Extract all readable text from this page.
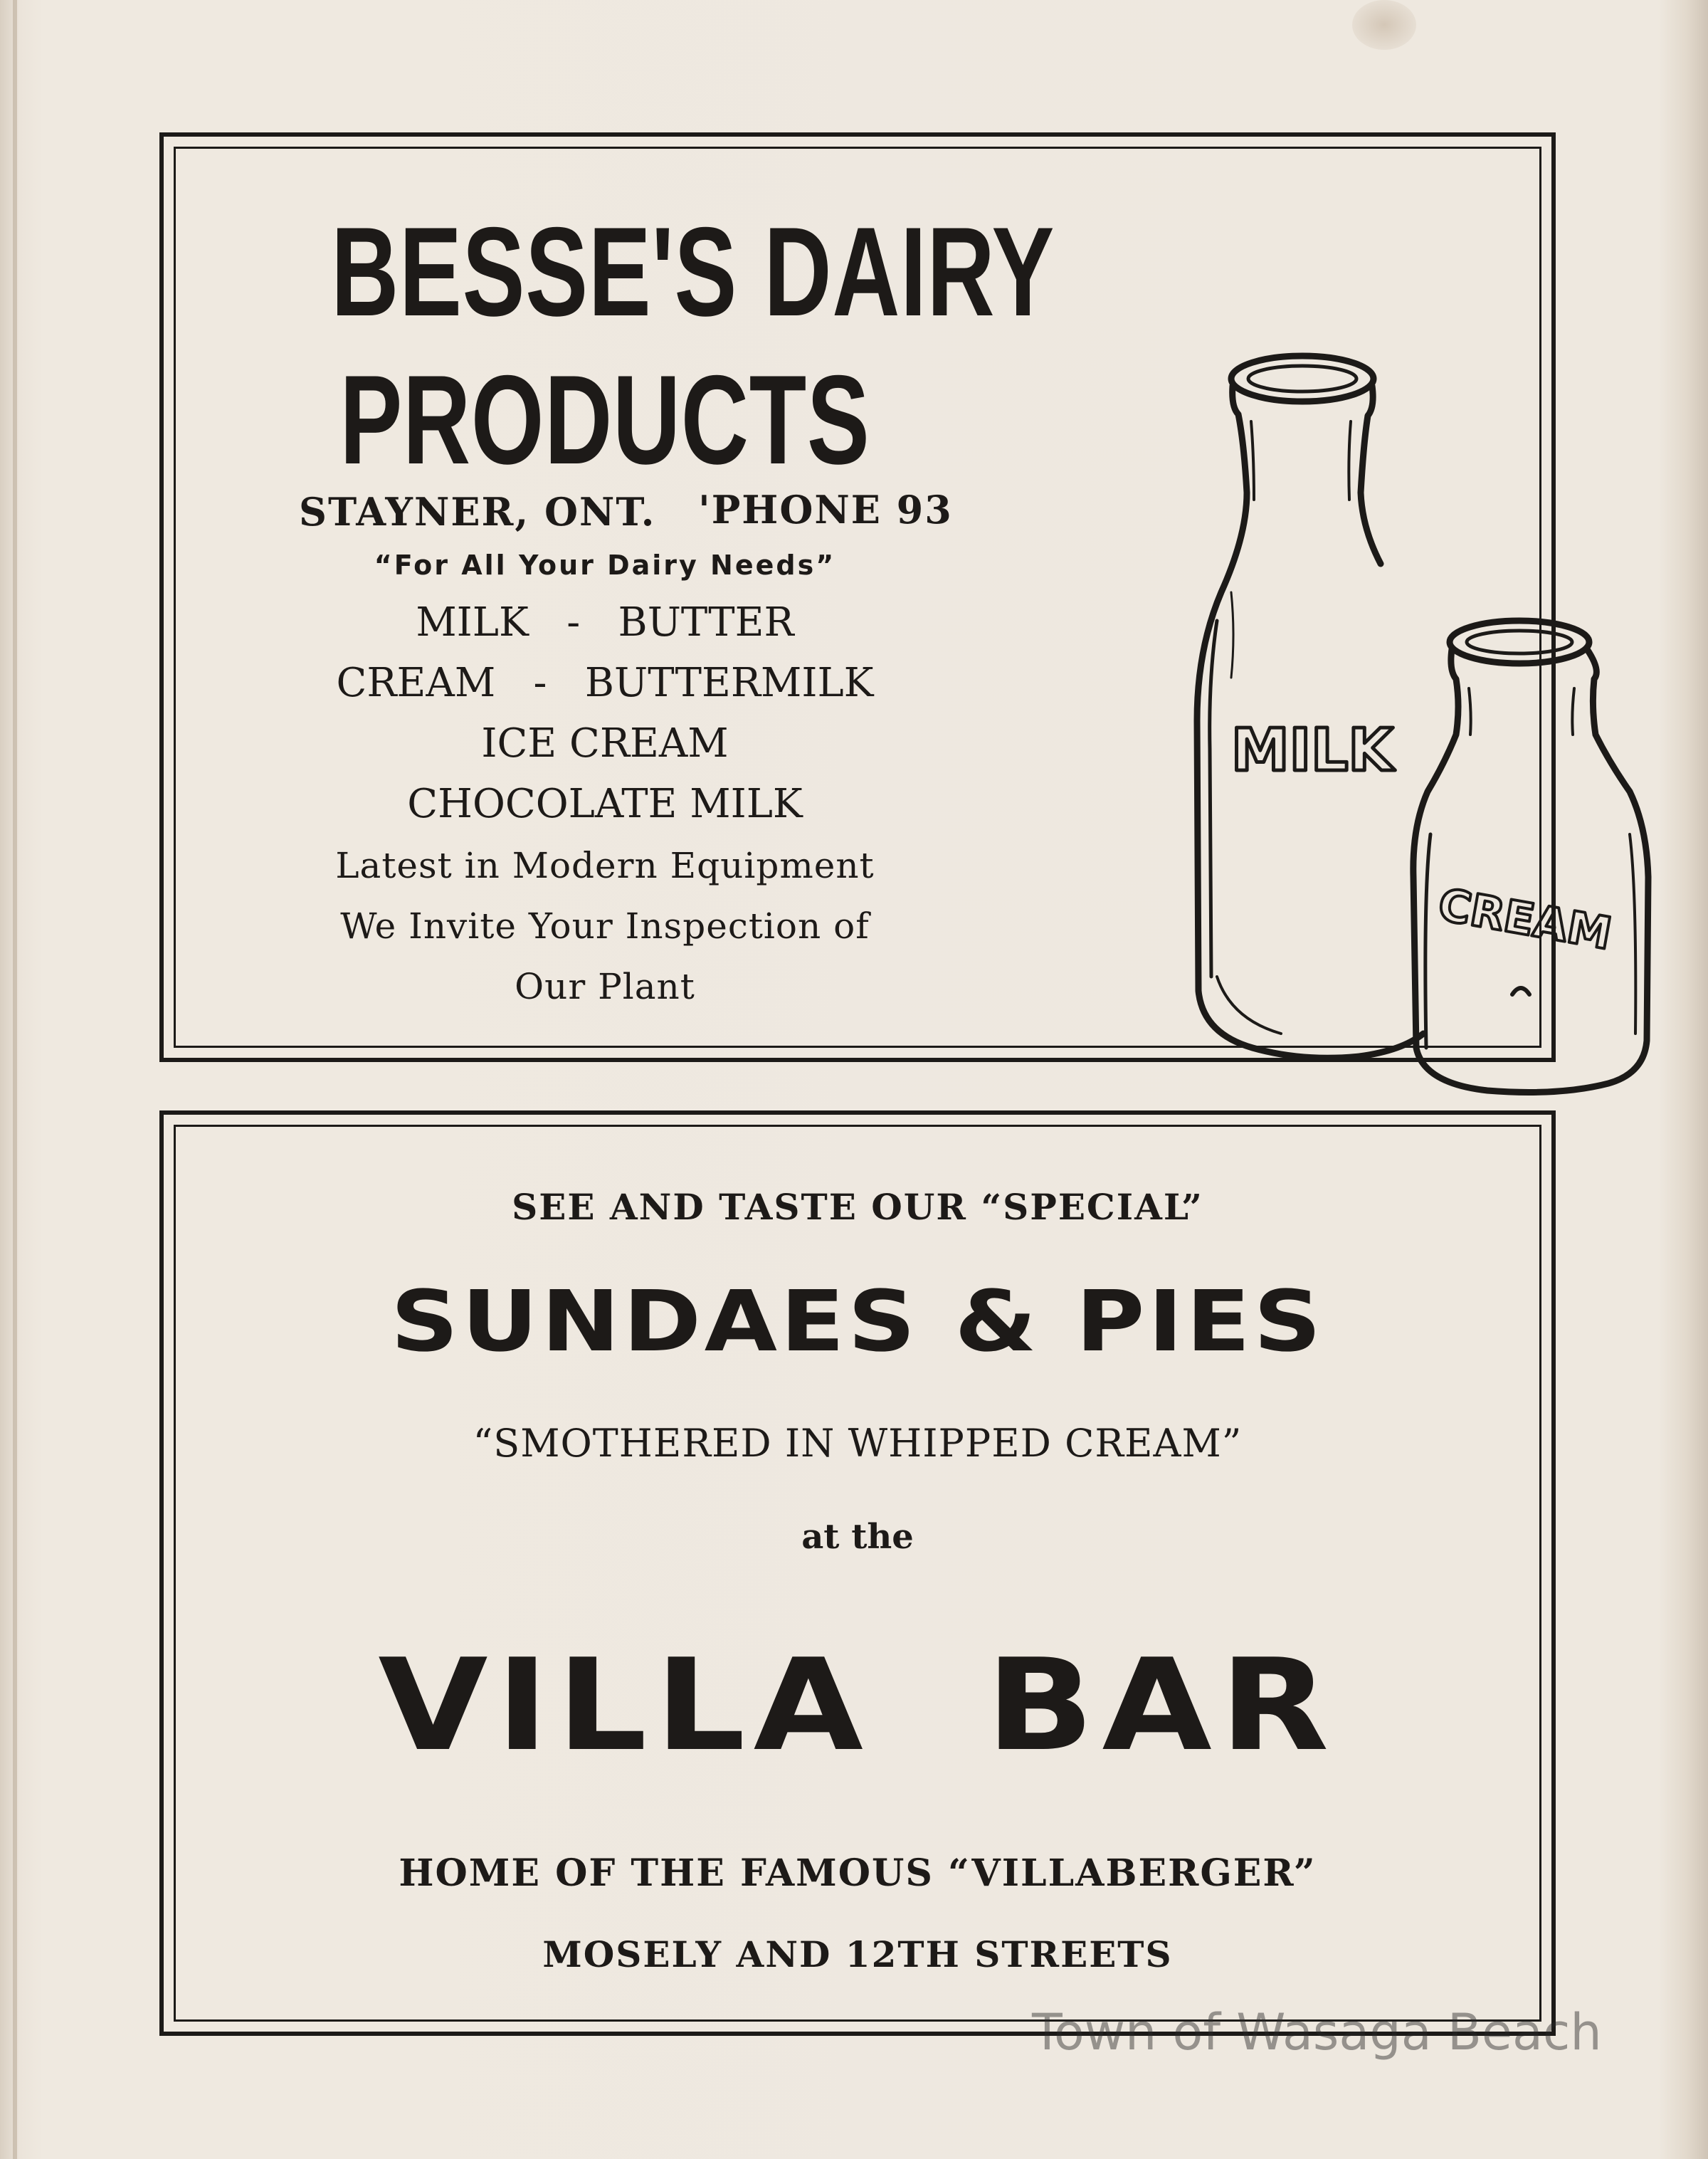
BESSE'S DAIRY
PRODUCTS
STAYNER, ONT.	'PHONE 93
“For All Your Dairy Needs”
MILK   -   BUTTER
CREAM   -   BUTTERMILK
ICE CREAM
CHOCOLATE MILK
Latest in Modern Equipment
We Invite Your Inspection of
Our Plant
MILK
CREAM
SEE AND TASTE OUR “SPECIAL”
SUNDAES & PIES
“SMOTHERED IN WHIPPED CREAM”
at the
VILLA  BAR
HOME OF THE FAMOUS “VILLABERGER”
MOSELY AND 12TH STREETS
Town of Wasaga Beach
